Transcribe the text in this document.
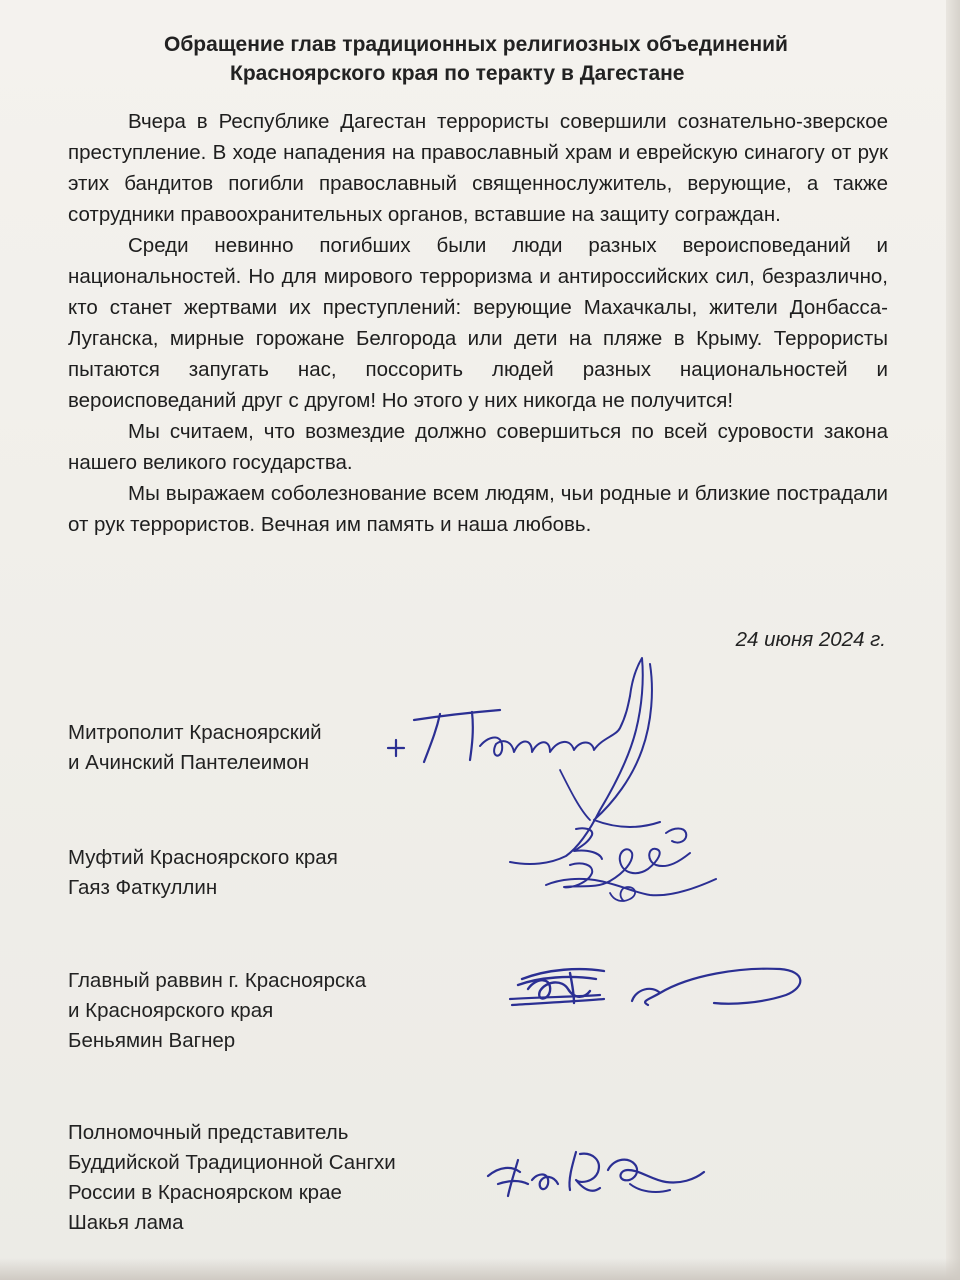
Обращение глав традиционных религиозных объединений
Красноярского края по теракту в Дагестане

Вчера в Республике Дагестан террористы совершили сознательно-зверское преступление. В ходе нападения на православный храм и еврейскую синагогу от рук этих бандитов погибли православный священнослужитель, верующие, а также сотрудники правоохранительных органов, вставшие на защиту сограждан.

Среди невинно погибших были люди разных вероисповеданий и национальностей. Но для мирового терроризма и антироссийских сил, безразлично, кто станет жертвами их преступлений: верующие Махачкалы, жители Донбасса-Луганска, мирные горожане Белгорода или дети на пляже в Крыму. Террористы пытаются запугать нас, поссорить людей разных национальностей и вероисповеданий друг с другом! Но этого у них никогда не получится!

Мы считаем, что возмездие должно совершиться по всей суровости закона нашего великого государства.

Мы выражаем соболезнование всем людям, чьи родные и близкие пострадали от рук террористов. Вечная им память и наша любовь.

24 июня 2024 г.
Митрополит Красноярский
и Ачинский Пантелеимон
Муфтий Красноярского края
Гаяз Фаткуллин
Главный раввин г. Красноярска
и Красноярского края
Беньямин Вагнер
Полномочный представитель
Буддийской Традиционной Сангхи
России в Красноярском крае
Шакья лама
